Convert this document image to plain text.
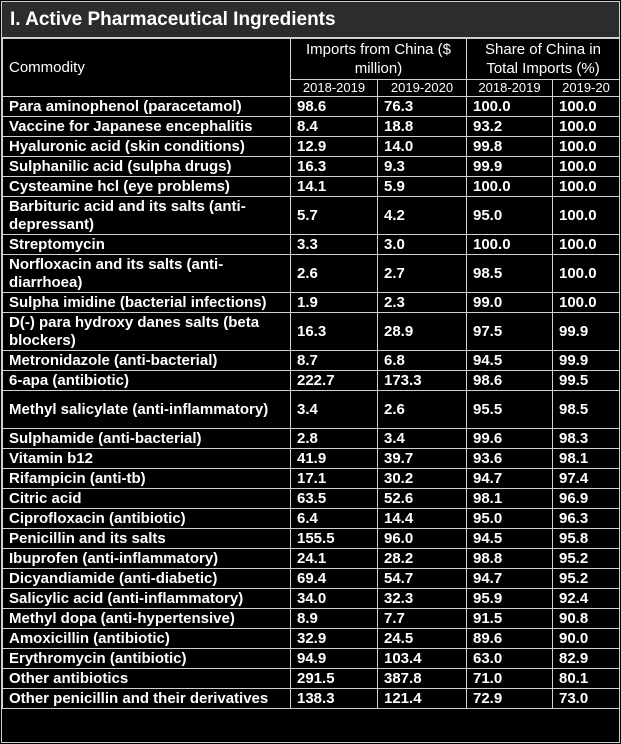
I. Active Pharmaceutical Ingredients
Commodity	Imports from China ($ million)		Share of China in Total Imports (%)	
	2018-2019	2019-2020	2018-2019	2019-20
Para aminophenol (paracetamol)	98.6	76.3	100.0	100.0
Vaccine for Japanese encephalitis	8.4	18.8	93.2	100.0
Hyaluronic acid (skin conditions)	12.9	14.0	99.8	100.0
Sulphanilic acid (sulpha drugs)	16.3	9.3	99.9	100.0
Cysteamine hcl (eye problems)	14.1	5.9	100.0	100.0
Barbituric acid and its salts (anti-depressant)	5.7	4.2	95.0	100.0
Streptomycin	3.3	3.0	100.0	100.0
Norfloxacin and its salts (anti-diarrhoea)	2.6	2.7	98.5	100.0
Sulpha imidine (bacterial infections)	1.9	2.3	99.0	100.0
D(-) para hydroxy danes salts (beta blockers)	16.3	28.9	97.5	99.9
Metronidazole (anti-bacterial)	8.7	6.8	94.5	99.9
6-apa (antibiotic)	222.7	173.3	98.6	99.5
Methyl salicylate (anti-inflammatory)	3.4	2.6	95.5	98.5
Sulphamide (anti-bacterial)	2.8	3.4	99.6	98.3
Vitamin b12	41.9	39.7	93.6	98.1
Rifampicin (anti-tb)	17.1	30.2	94.7	97.4
Citric acid	63.5	52.6	98.1	96.9
Ciprofloxacin (antibiotic)	6.4	14.4	95.0	96.3
Penicillin and its salts	155.5	96.0	94.5	95.8
Ibuprofen (anti-inflammatory)	24.1	28.2	98.8	95.2
Dicyandiamide (anti-diabetic)	69.4	54.7	94.7	95.2
Salicylic acid (anti-inflammatory)	34.0	32.3	95.9	92.4
Methyl dopa (anti-hypertensive)	8.9	7.7	91.5	90.8
Amoxicillin (antibiotic)	32.9	24.5	89.6	90.0
Erythromycin (antibiotic)	94.9	103.4	63.0	82.9
Other antibiotics	291.5	387.8	71.0	80.1
Other penicillin and their derivatives	138.3	121.4	72.9	73.0
